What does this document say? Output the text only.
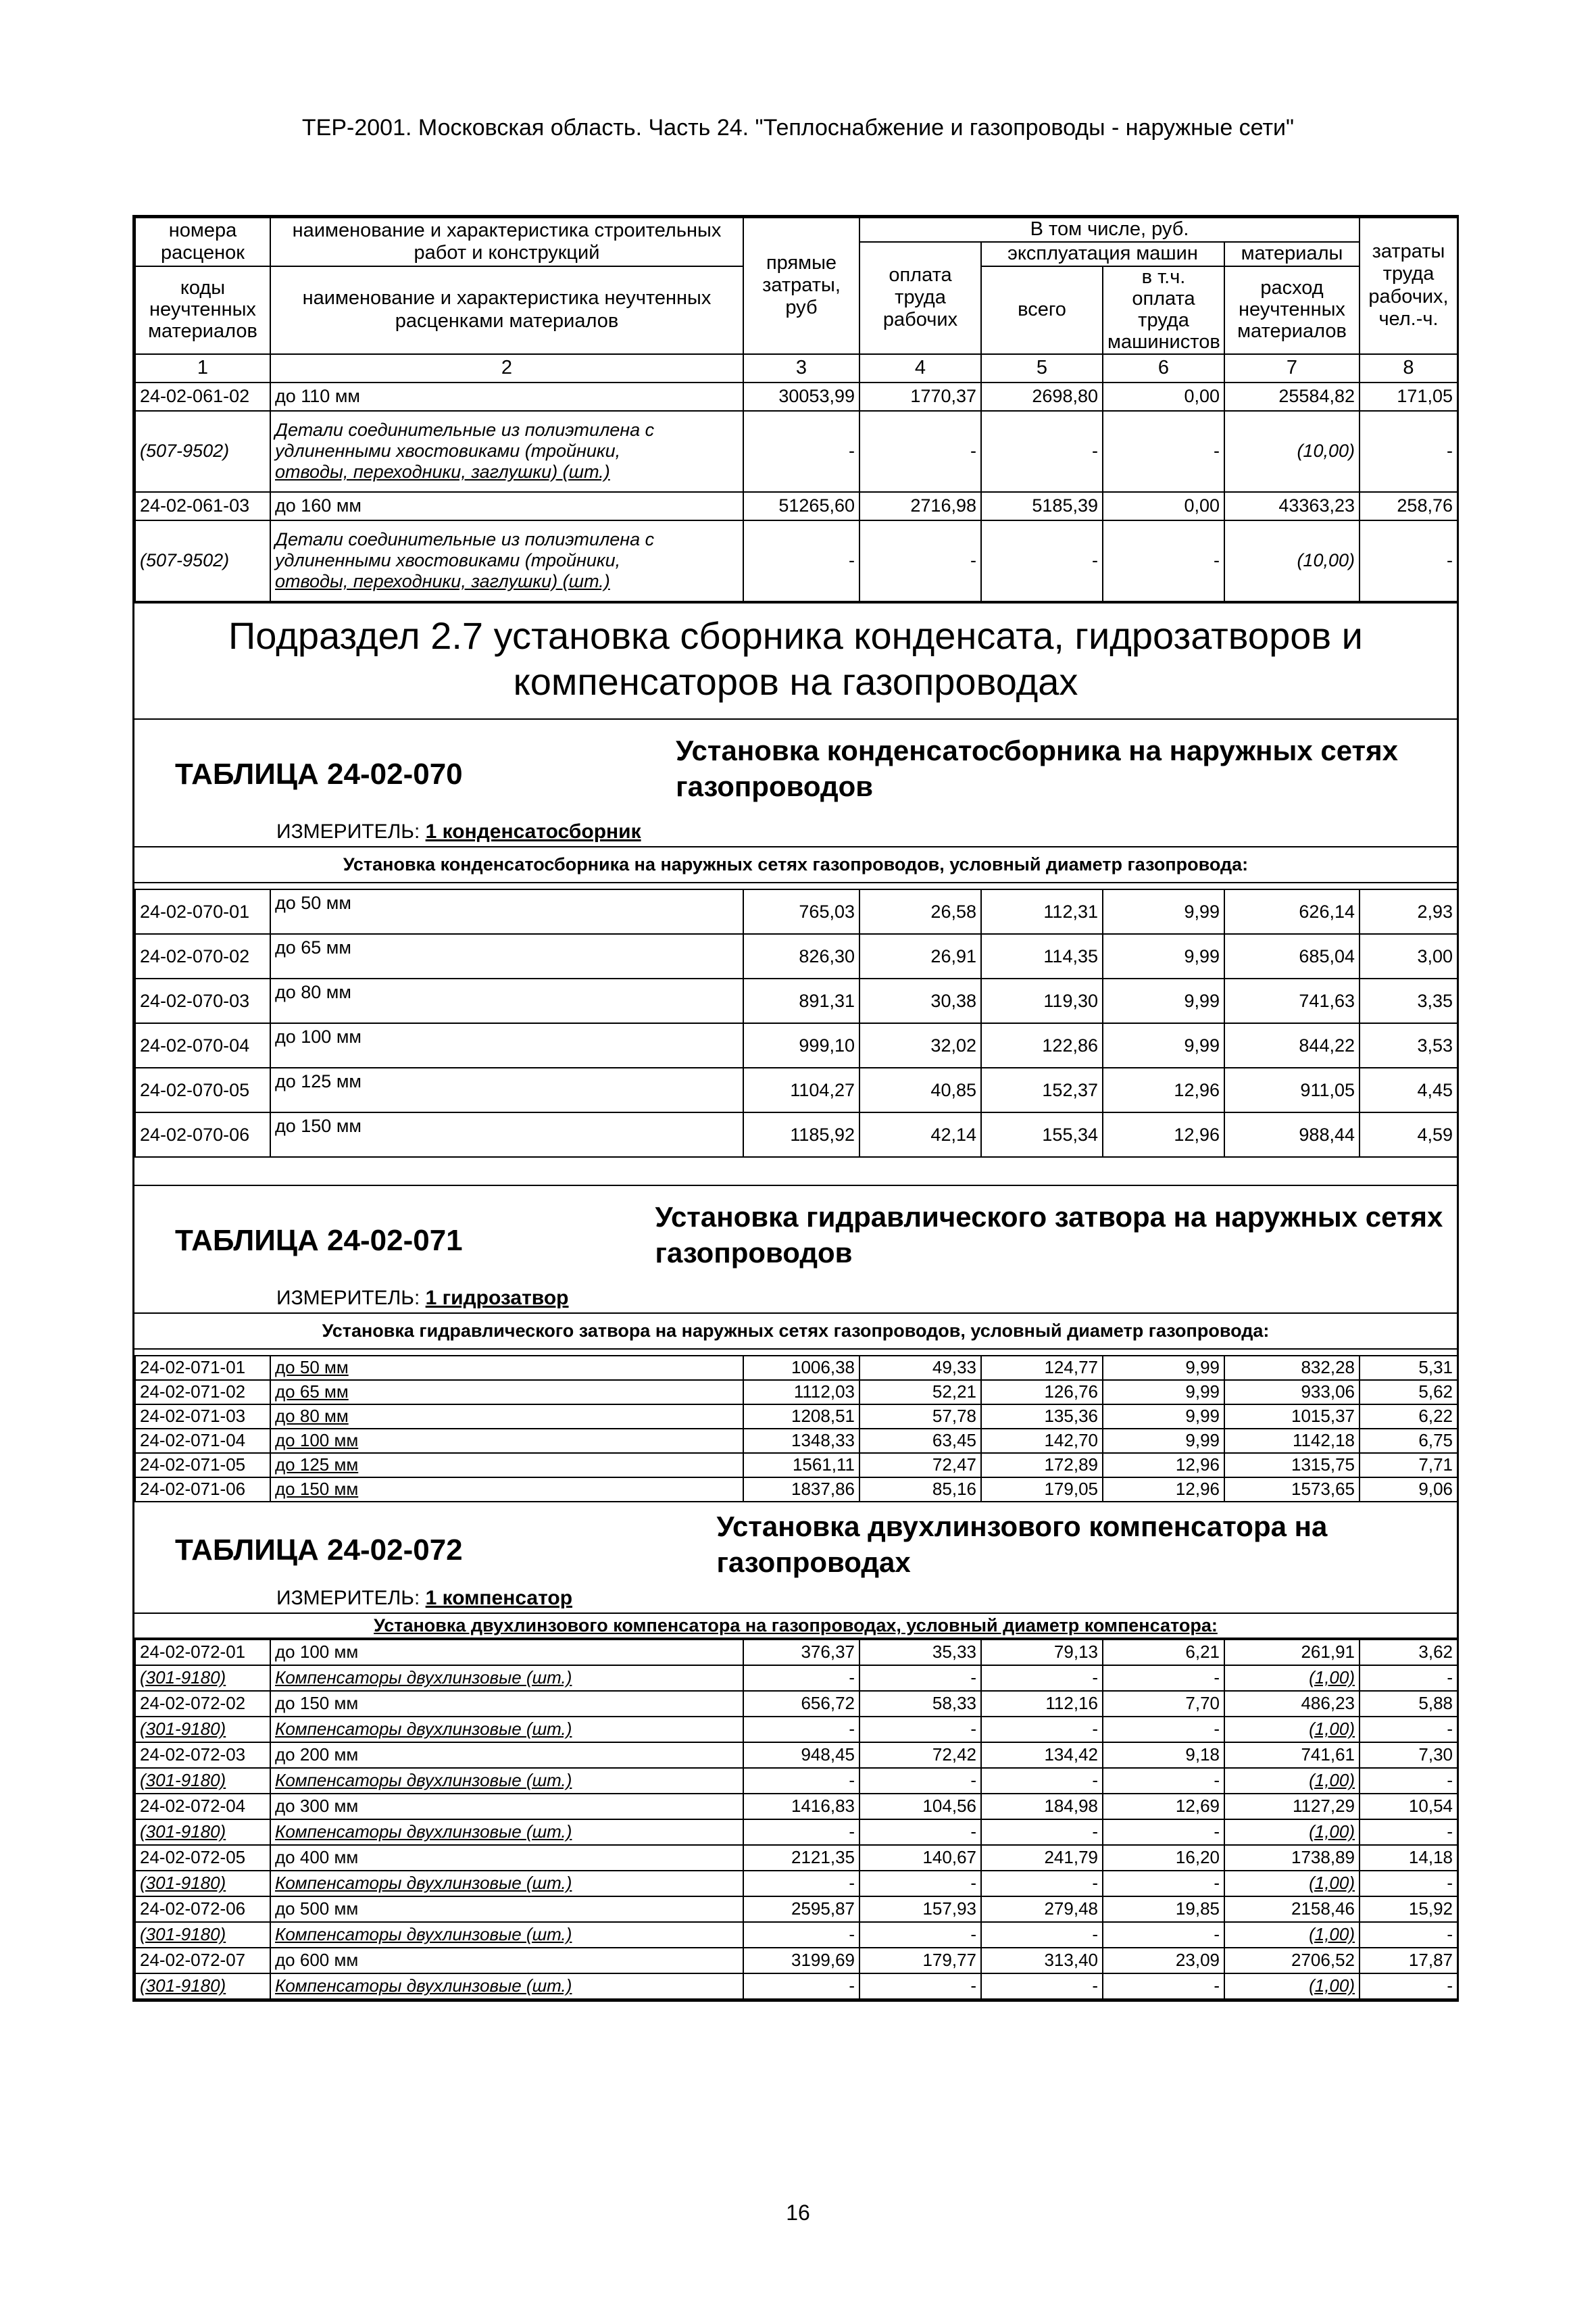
ТЕР-2001. Московская область. Часть 24. "Теплоснабжение и газопроводы - наружные сети"
номера расценок	наименование и характеристика строительных работ и конструкций	прямые затраты, руб	В том числе, руб.				затраты труда рабочих, чел.-ч.
			оплата труда рабочих	эксплуатация машин		материалы	
коды неучтенных материалов	наименование и характеристика неучтенных расценками материалов			всего	в т.ч. оплата труда машинистов	расход неучтенных материалов	

1	2	3	4	5	6	7	8
24-02-061-02	до 110 мм	30053,99	1770,37	2698,80	0,00	25584,82	171,05
(507-9502)	Детали соединительные из полиэтилена с
удлиненными хвостовиками (тройники,
отводы, переходники, заглушки) (шт.)	-	-	-	-	(10,00)	-
24-02-061-03	до 160 мм	51265,60	2716,98	5185,39	0,00	43363,23	258,76
(507-9502)	Детали соединительные из полиэтилена с
удлиненными хвостовиками (тройники,
отводы, переходники, заглушки) (шт.)	-	-	-	-	(10,00)	-
Подраздел 2.7 установка сборника конденсата, гидрозатворов и компенсаторов на газопроводах
ТАБЛИЦА 24-02-070
Установка конденсатосборника на наружных сетях газопроводов
ИЗМЕРИТЕЛЬ: 1 конденсатосборник
Установка конденсатосборника на наружных сетях газопроводов, условный диаметр газопровода:
24-02-070-01	до 50 мм	765,03	26,58	112,31	9,99	626,14	2,93
24-02-070-02	до 65 мм	826,30	26,91	114,35	9,99	685,04	3,00
24-02-070-03	до 80 мм	891,31	30,38	119,30	9,99	741,63	3,35
24-02-070-04	до 100 мм	999,10	32,02	122,86	9,99	844,22	3,53
24-02-070-05	до 125 мм	1104,27	40,85	152,37	12,96	911,05	4,45
24-02-070-06	до 150 мм	1185,92	42,14	155,34	12,96	988,44	4,59
ТАБЛИЦА 24-02-071
Установка гидравлического затвора на наружных сетях газопроводов
ИЗМЕРИТЕЛЬ: 1 гидрозатвор
Установка гидравлического затвора на наружных сетях газопроводов, условный диаметр газопровода:
24-02-071-01	до 50 мм	1006,38	49,33	124,77	9,99	832,28	5,31
24-02-071-02	до 65 мм	1112,03	52,21	126,76	9,99	933,06	5,62
24-02-071-03	до 80 мм	1208,51	57,78	135,36	9,99	1015,37	6,22
24-02-071-04	до 100 мм	1348,33	63,45	142,70	9,99	1142,18	6,75
24-02-071-05	до 125 мм	1561,11	72,47	172,89	12,96	1315,75	7,71
24-02-071-06	до 150 мм	1837,86	85,16	179,05	12,96	1573,65	9,06
ТАБЛИЦА 24-02-072
Установка двухлинзового компенсатора на газопроводах
ИЗМЕРИТЕЛЬ: 1 компенсатор
Установка двухлинзового компенсатора на газопроводах, условный диаметр компенсатора:
24-02-072-01	до 100 мм	376,37	35,33	79,13	6,21	261,91	3,62
(301-9180)	Компенсаторы двухлинзовые (шт.)	-	-	-	-	(1,00)	-
24-02-072-02	до 150 мм	656,72	58,33	112,16	7,70	486,23	5,88
(301-9180)	Компенсаторы двухлинзовые (шт.)	-	-	-	-	(1,00)	-
24-02-072-03	до 200 мм	948,45	72,42	134,42	9,18	741,61	7,30
(301-9180)	Компенсаторы двухлинзовые (шт.)	-	-	-	-	(1,00)	-
24-02-072-04	до 300 мм	1416,83	104,56	184,98	12,69	1127,29	10,54
(301-9180)	Компенсаторы двухлинзовые (шт.)	-	-	-	-	(1,00)	-
24-02-072-05	до 400 мм	2121,35	140,67	241,79	16,20	1738,89	14,18
(301-9180)	Компенсаторы двухлинзовые (шт.)	-	-	-	-	(1,00)	-
24-02-072-06	до 500 мм	2595,87	157,93	279,48	19,85	2158,46	15,92
(301-9180)	Компенсаторы двухлинзовые (шт.)	-	-	-	-	(1,00)	-
24-02-072-07	до 600 мм	3199,69	179,77	313,40	23,09	2706,52	17,87
(301-9180)	Компенсаторы двухлинзовые (шт.)	-	-	-	-	(1,00)	-
16
